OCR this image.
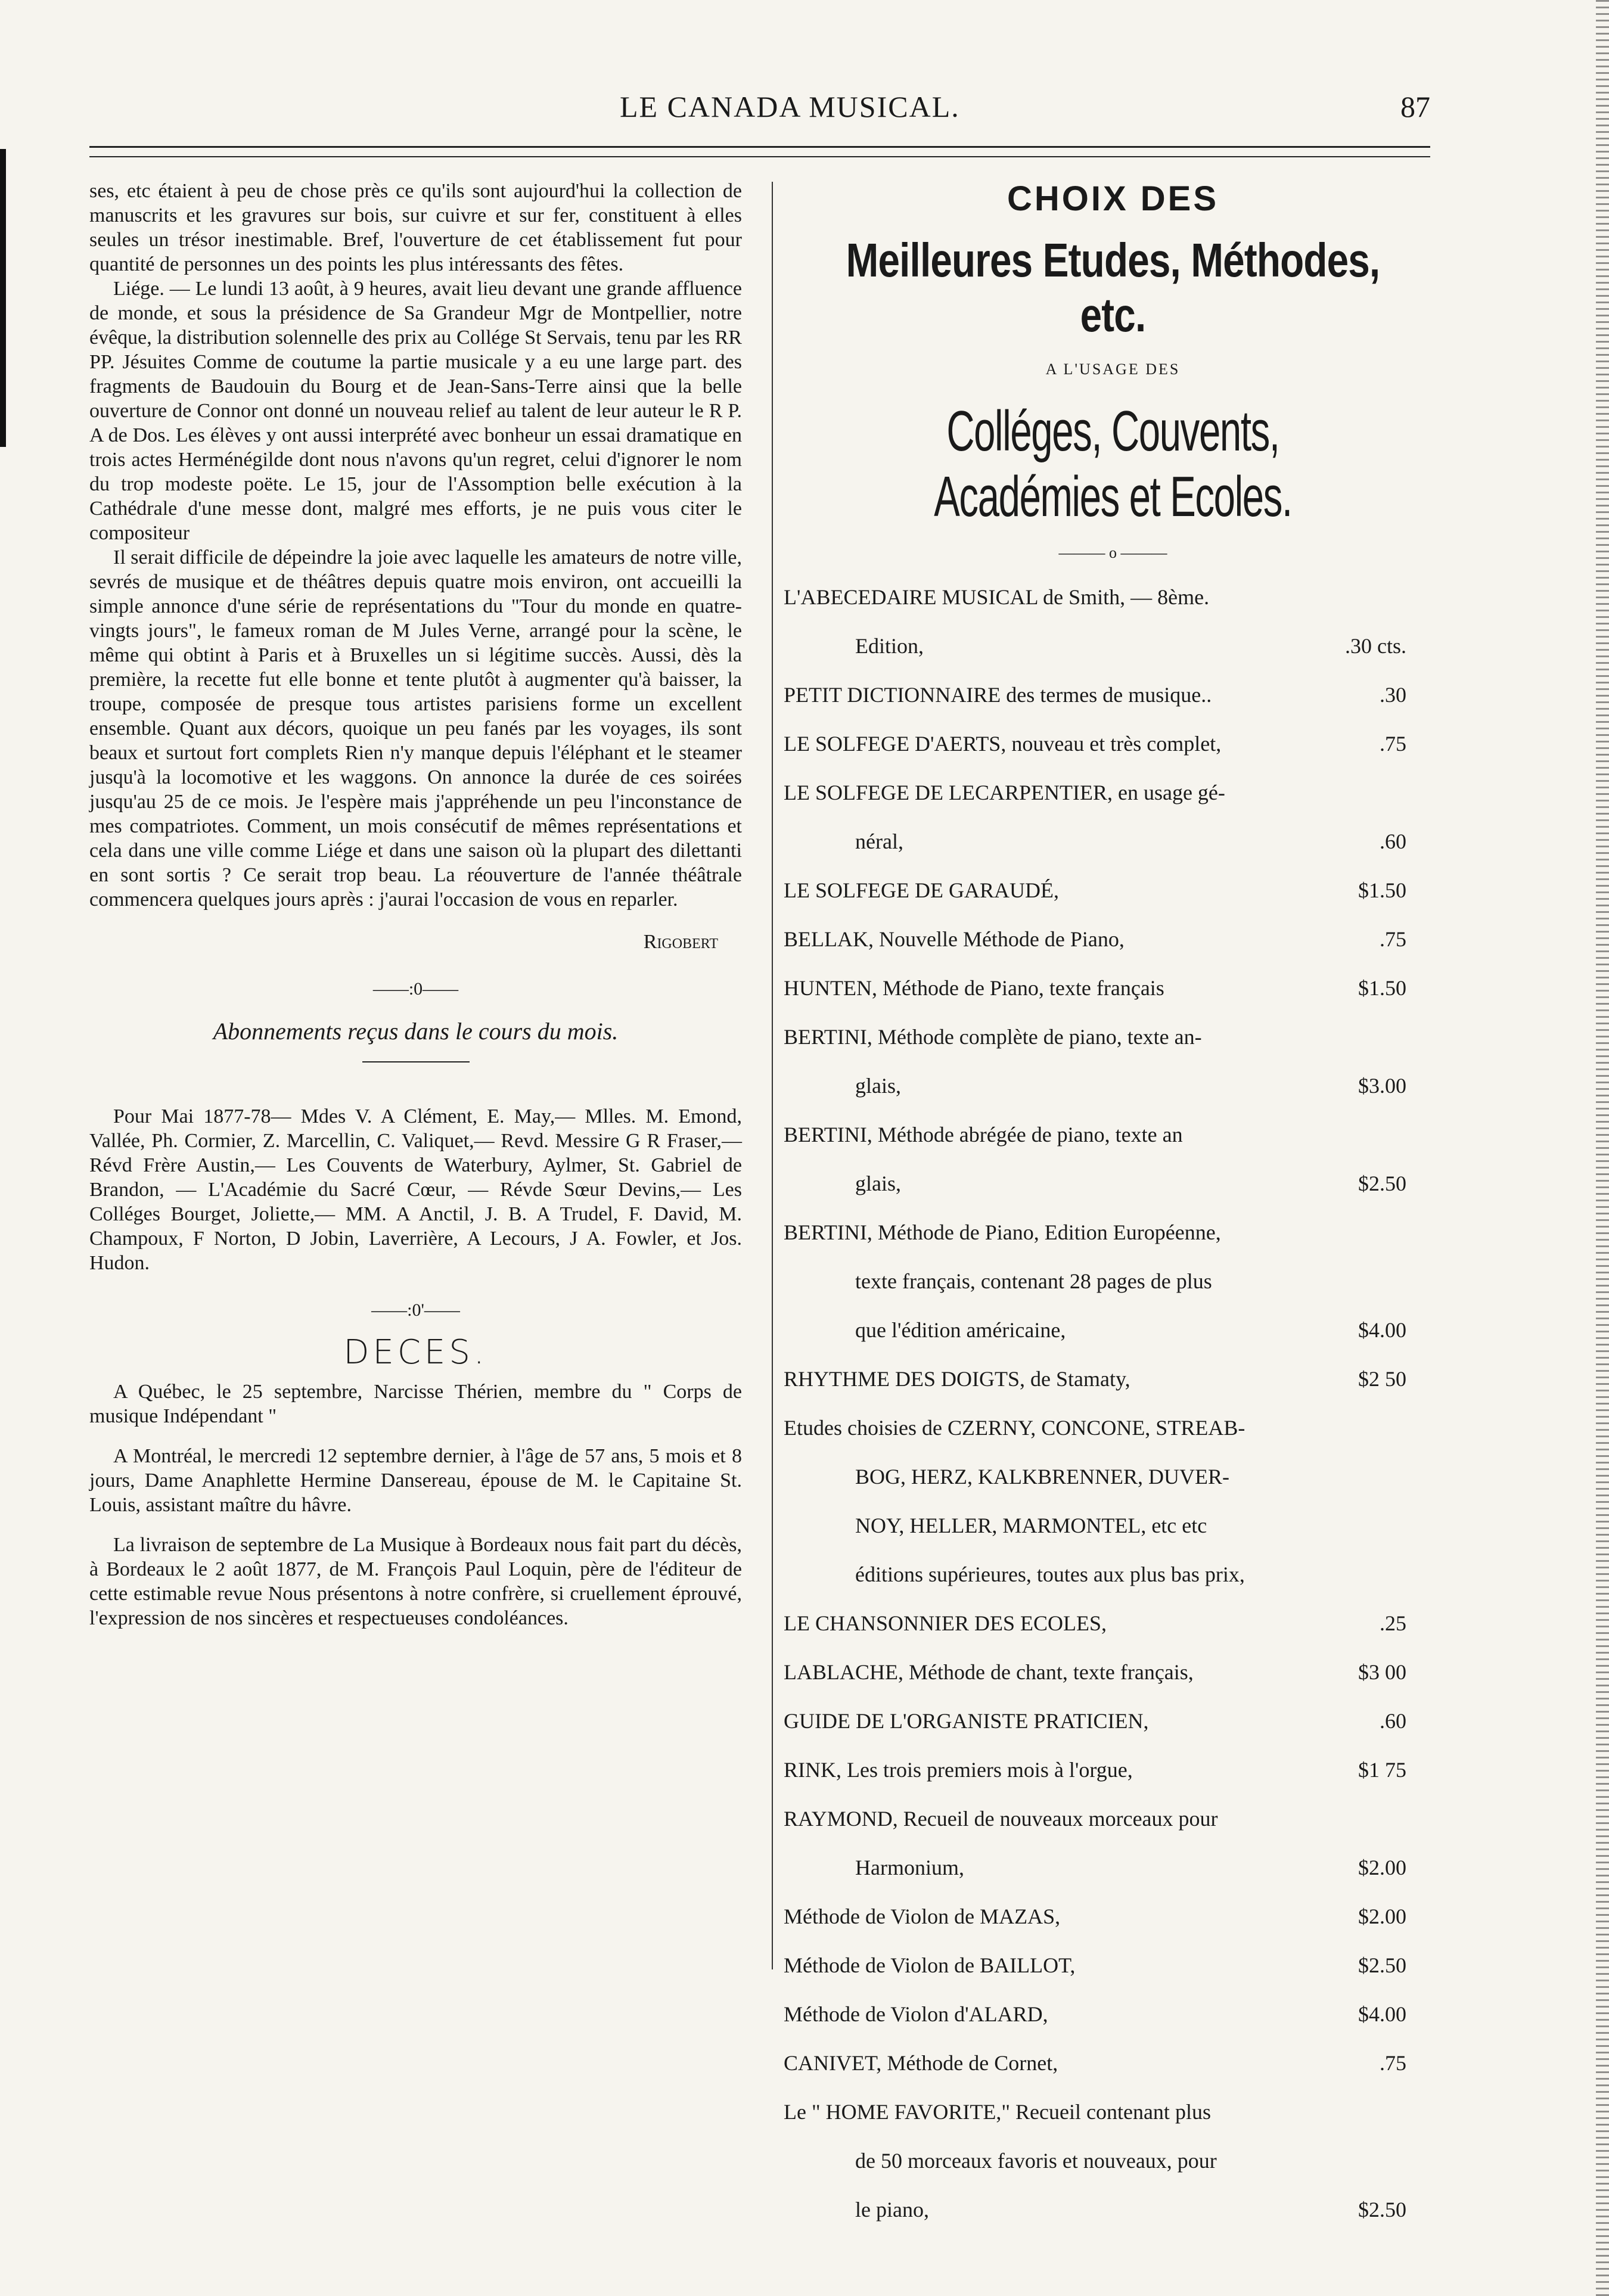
LE CANADA MUSICAL.	87

ses, etc étaient à peu de chose près ce qu'ils sont aujourd'hui la collection de manuscrits et les gravures sur bois, sur cuivre et sur fer, constituent à elles seules un trésor inestimable. Bref, l'ouverture de cet établissement fut pour quantité de personnes un des points les plus intéressants des fêtes.

Liége. — Le lundi 13 août, à 9 heures, avait lieu devant une grande affluence de monde, et sous la présidence de Sa Grandeur Mgr de Montpellier, notre évêque, la distribution solennelle des prix au Collége St Servais, tenu par les RR PP. Jésuites Comme de coutume la partie musicale y a eu une large part. des fragments de Baudouin du Bourg et de Jean-Sans-Terre ainsi que la belle ouverture de Connor ont donné un nouveau relief au talent de leur auteur le R P. A de Dos. Les élèves y ont aussi interprété avec bonheur un essai dramatique en trois actes Herménégilde dont nous n'avons qu'un regret, celui d'ignorer le nom du trop modeste poëte. Le 15, jour de l'Assomption belle exécution à la Cathédrale d'une messe dont, malgré mes efforts, je ne puis vous citer le compositeur

Il serait difficile de dépeindre la joie avec laquelle les amateurs de notre ville, sevrés de musique et de théâtres depuis quatre mois environ, ont accueilli la simple annonce d'une série de représentations du "Tour du monde en quatre-vingts jours", le fameux roman de M Jules Verne, arrangé pour la scène, le même qui obtint à Paris et à Bruxelles un si légitime succès. Aussi, dès la première, la recette fut elle bonne et tente plutôt à augmenter qu'à baisser, la troupe, composée de presque tous artistes parisiens forme un excellent ensemble. Quant aux décors, quoique un peu fanés par les voyages, ils sont beaux et surtout fort complets Rien n'y manque depuis l'éléphant et le steamer jusqu'à la locomotive et les waggons. On annonce la durée de ces soirées jusqu'au 25 de ce mois. Je l'espère mais j'appréhende un peu l'inconstance de mes compatriotes. Comment, un mois consécutif de mêmes représentations et cela dans une ville comme Liége et dans une saison où la plupart des dilettanti en sont sortis ? Ce serait trop beau. La réouverture de l'année théâtrale commencera quelques jours après : j'aurai l'occasion de vous en reparler.

Rigobert
——:0——
Abonnements reçus dans le cours du mois.

Pour Mai 1877-78— Mdes V. A Clément, E. May,— Mlles. M. Emond, Vallée, Ph. Cormier, Z. Marcellin, C. Valiquet,— Revd. Messire G R Fraser,—Révd Frère Austin,— Les Couvents de Waterbury, Aylmer, St. Gabriel de Brandon, — L'Académie du Sacré Cœur, — Révde Sœur Devins,— Les Colléges Bourget, Joliette,— MM. A Anctil, J. B. A Trudel, F. David, M. Champoux, F Norton, D Jobin, Laverrière, A Lecours, J A. Fowler, et Jos. Hudon.

——:0'——
DECES.

A Québec, le 25 septembre, Narcisse Thérien, membre du " Corps de musique Indépendant "

A Montréal, le mercredi 12 septembre dernier, à l'âge de 57 ans, 5 mois et 8 jours, Dame Anaphlette Hermine Dansereau, épouse de M. le Capitaine St. Louis, assistant maître du hâvre.

La livraison de septembre de La Musique à Bordeaux nous fait part du décès, à Bordeaux le 2 août 1877, de M. François Paul Loquin, père de l'éditeur de cette estimable revue Nous présentons à notre confrère, si cruellement éprouvé, l'expression de nos sincères et respectueuses condoléances.

CHOIX DES
Meilleures Etudes, Méthodes, etc.
A L'USAGE DES
Colléges, Couvents, Académies et Ecoles.
——— o ———
L'ABECEDAIRE MUSICAL de Smith, — 8ème.
Edition,	.30 cts.
PETIT DICTIONNAIRE des termes de musique..	.30
LE SOLFEGE D'AERTS, nouveau et très complet,	.75
LE SOLFEGE DE LECARPENTIER, en usage gé-
néral,	.60
LE SOLFEGE DE GARAUDÉ,	$1.50
BELLAK, Nouvelle Méthode de Piano,	.75
HUNTEN, Méthode de Piano, texte français	$1.50
BERTINI, Méthode complète de piano, texte an-
glais,	$3.00
BERTINI, Méthode abrégée de piano, texte an
glais,	$2.50
BERTINI, Méthode de Piano, Edition Européenne,
texte français, contenant 28 pages de plus
que l'édition américaine,	$4.00
RHYTHME DES DOIGTS, de Stamaty,	$2 50
Etudes choisies de CZERNY, CONCONE, STREAB-
BOG, HERZ, KALKBRENNER, DUVER-
NOY, HELLER, MARMONTEL, etc etc
éditions supérieures, toutes aux plus bas prix,
LE CHANSONNIER DES ECOLES,	.25
LABLACHE, Méthode de chant, texte français,	$3 00
GUIDE DE L'ORGANISTE PRATICIEN,	.60
RINK, Les trois premiers mois à l'orgue,	$1 75
RAYMOND, Recueil de nouveaux morceaux pour
Harmonium,	$2.00
Méthode de Violon de MAZAS,	$2.00
Méthode de Violon de BAILLOT,	$2.50
Méthode de Violon d'ALARD,	$4.00
CANIVET, Méthode de Cornet,	.75
Le " HOME FAVORITE," Recueil contenant plus
de 50 morceaux favoris et nouveaux, pour
le piano,	$2.50
